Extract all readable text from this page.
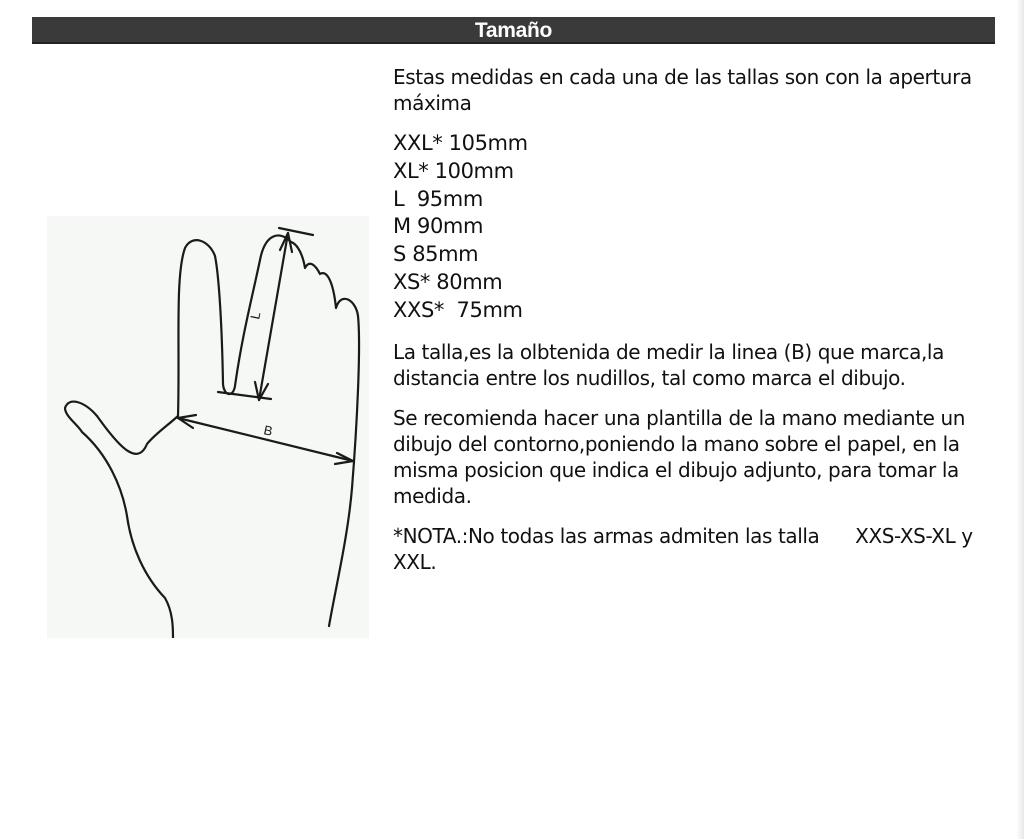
Tamaño
L
B

Estas medidas en cada una de las tallas son con la apertura máxima

XXL* 105mm
XL* 100mm
L  95mm
M 90mm
S 85mm
XS* 80mm
XXS*  75mm

La talla,es la olbtenida de medir la linea (B) que marca,la distancia entre los nudillos, tal como marca el dibujo.

Se recomienda hacer una plantilla de la mano mediante un dibujo del contorno,poniendo la mano sobre el papel, en la misma posicion que indica el dibujo adjunto, para tomar la medida.

*NOTA.:No todas las armas admiten las talla      XXS-XS-XL y XXL.
